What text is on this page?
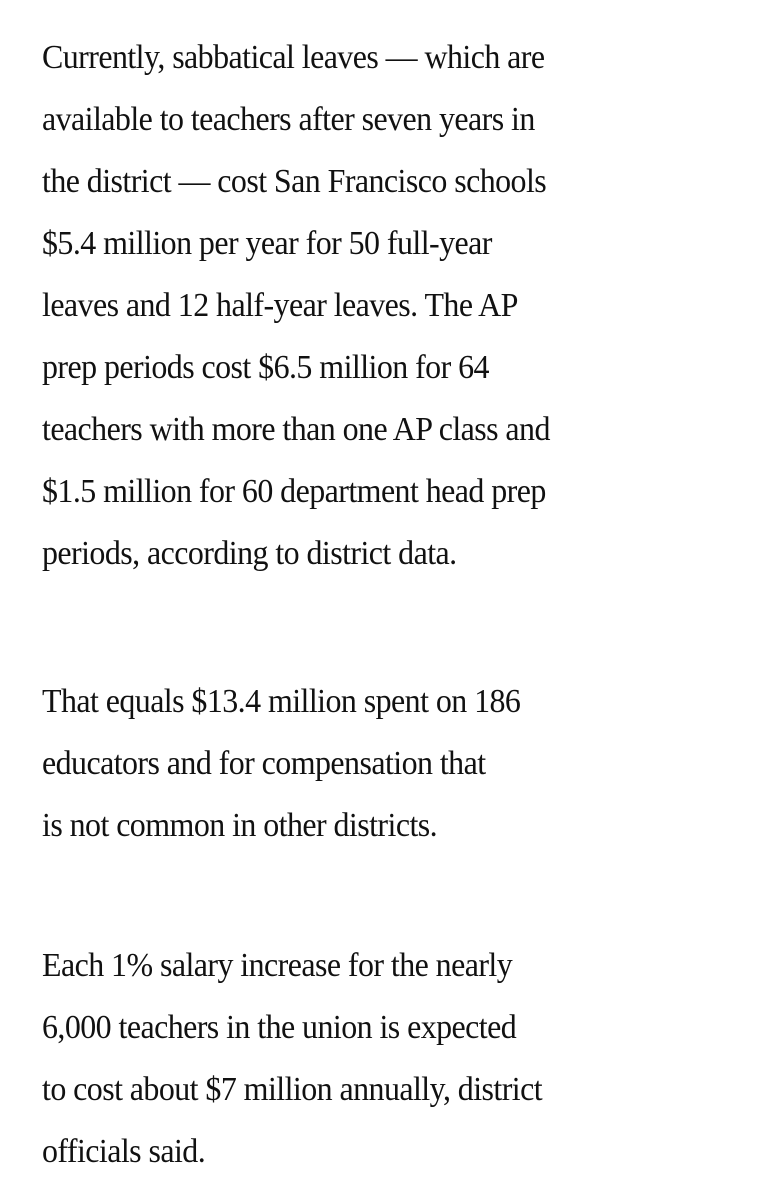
Currently, sabbatical leaves — which are
available to teachers after seven years in
the district — cost San Francisco schools
$5.4 million per year for 50 full-year
leaves and 12 half-year leaves. The AP
prep periods cost $6.5 million for 64
teachers with more than one AP class and
$1.5 million for 60 department head prep
periods, according to district data.
That equals $13.4 million spent on 186
educators and for compensation that
is not common in other districts.
Each 1% salary increase for the nearly
6,000 teachers in the union is expected
to cost about $7 million annually, district
officials said.
